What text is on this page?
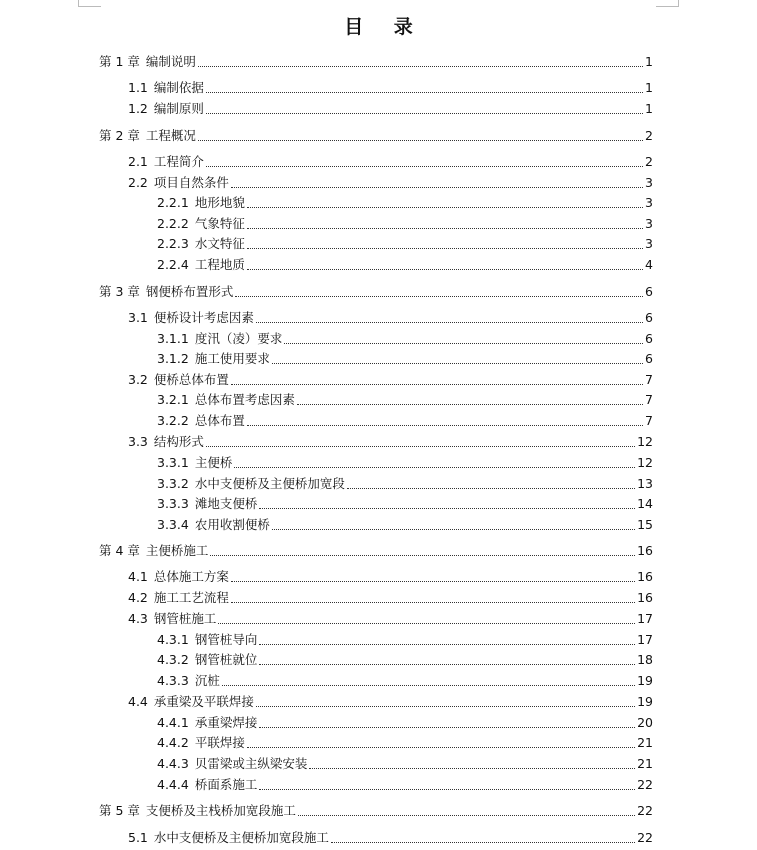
目 录
第 1 章 编制说明	1
1.1 编制依据	1
1.2 编制原则	1
第 2 章 工程概况	2
2.1 工程简介	2
2.2 项目自然条件	3
2.2.1 地形地貌	3
2.2.2 气象特征	3
2.2.3 水文特征	3
2.2.4 工程地质	4
第 3 章 钢便桥布置形式	6
3.1 便桥设计考虑因素	6
3.1.1 度汛（凌）要求	6
3.1.2 施工使用要求	6
3.2 便桥总体布置	7
3.2.1 总体布置考虑因素	7
3.2.2 总体布置	7
3.3 结构形式	12
3.3.1 主便桥	12
3.3.2 水中支便桥及主便桥加宽段	13
3.3.3 滩地支便桥	14
3.3.4 农用收割便桥	15
第 4 章 主便桥施工	16
4.1 总体施工方案	16
4.2 施工工艺流程	16
4.3 钢管桩施工	17
4.3.1 钢管桩导向	17
4.3.2 钢管桩就位	18
4.3.3 沉桩	19
4.4 承重梁及平联焊接	19
4.4.1 承重梁焊接	20
4.4.2 平联焊接	21
4.4.3 贝雷梁或主纵梁安装	21
4.4.4 桥面系施工	22
第 5 章 支便桥及主栈桥加宽段施工	22
5.1 水中支便桥及主便桥加宽段施工	22
